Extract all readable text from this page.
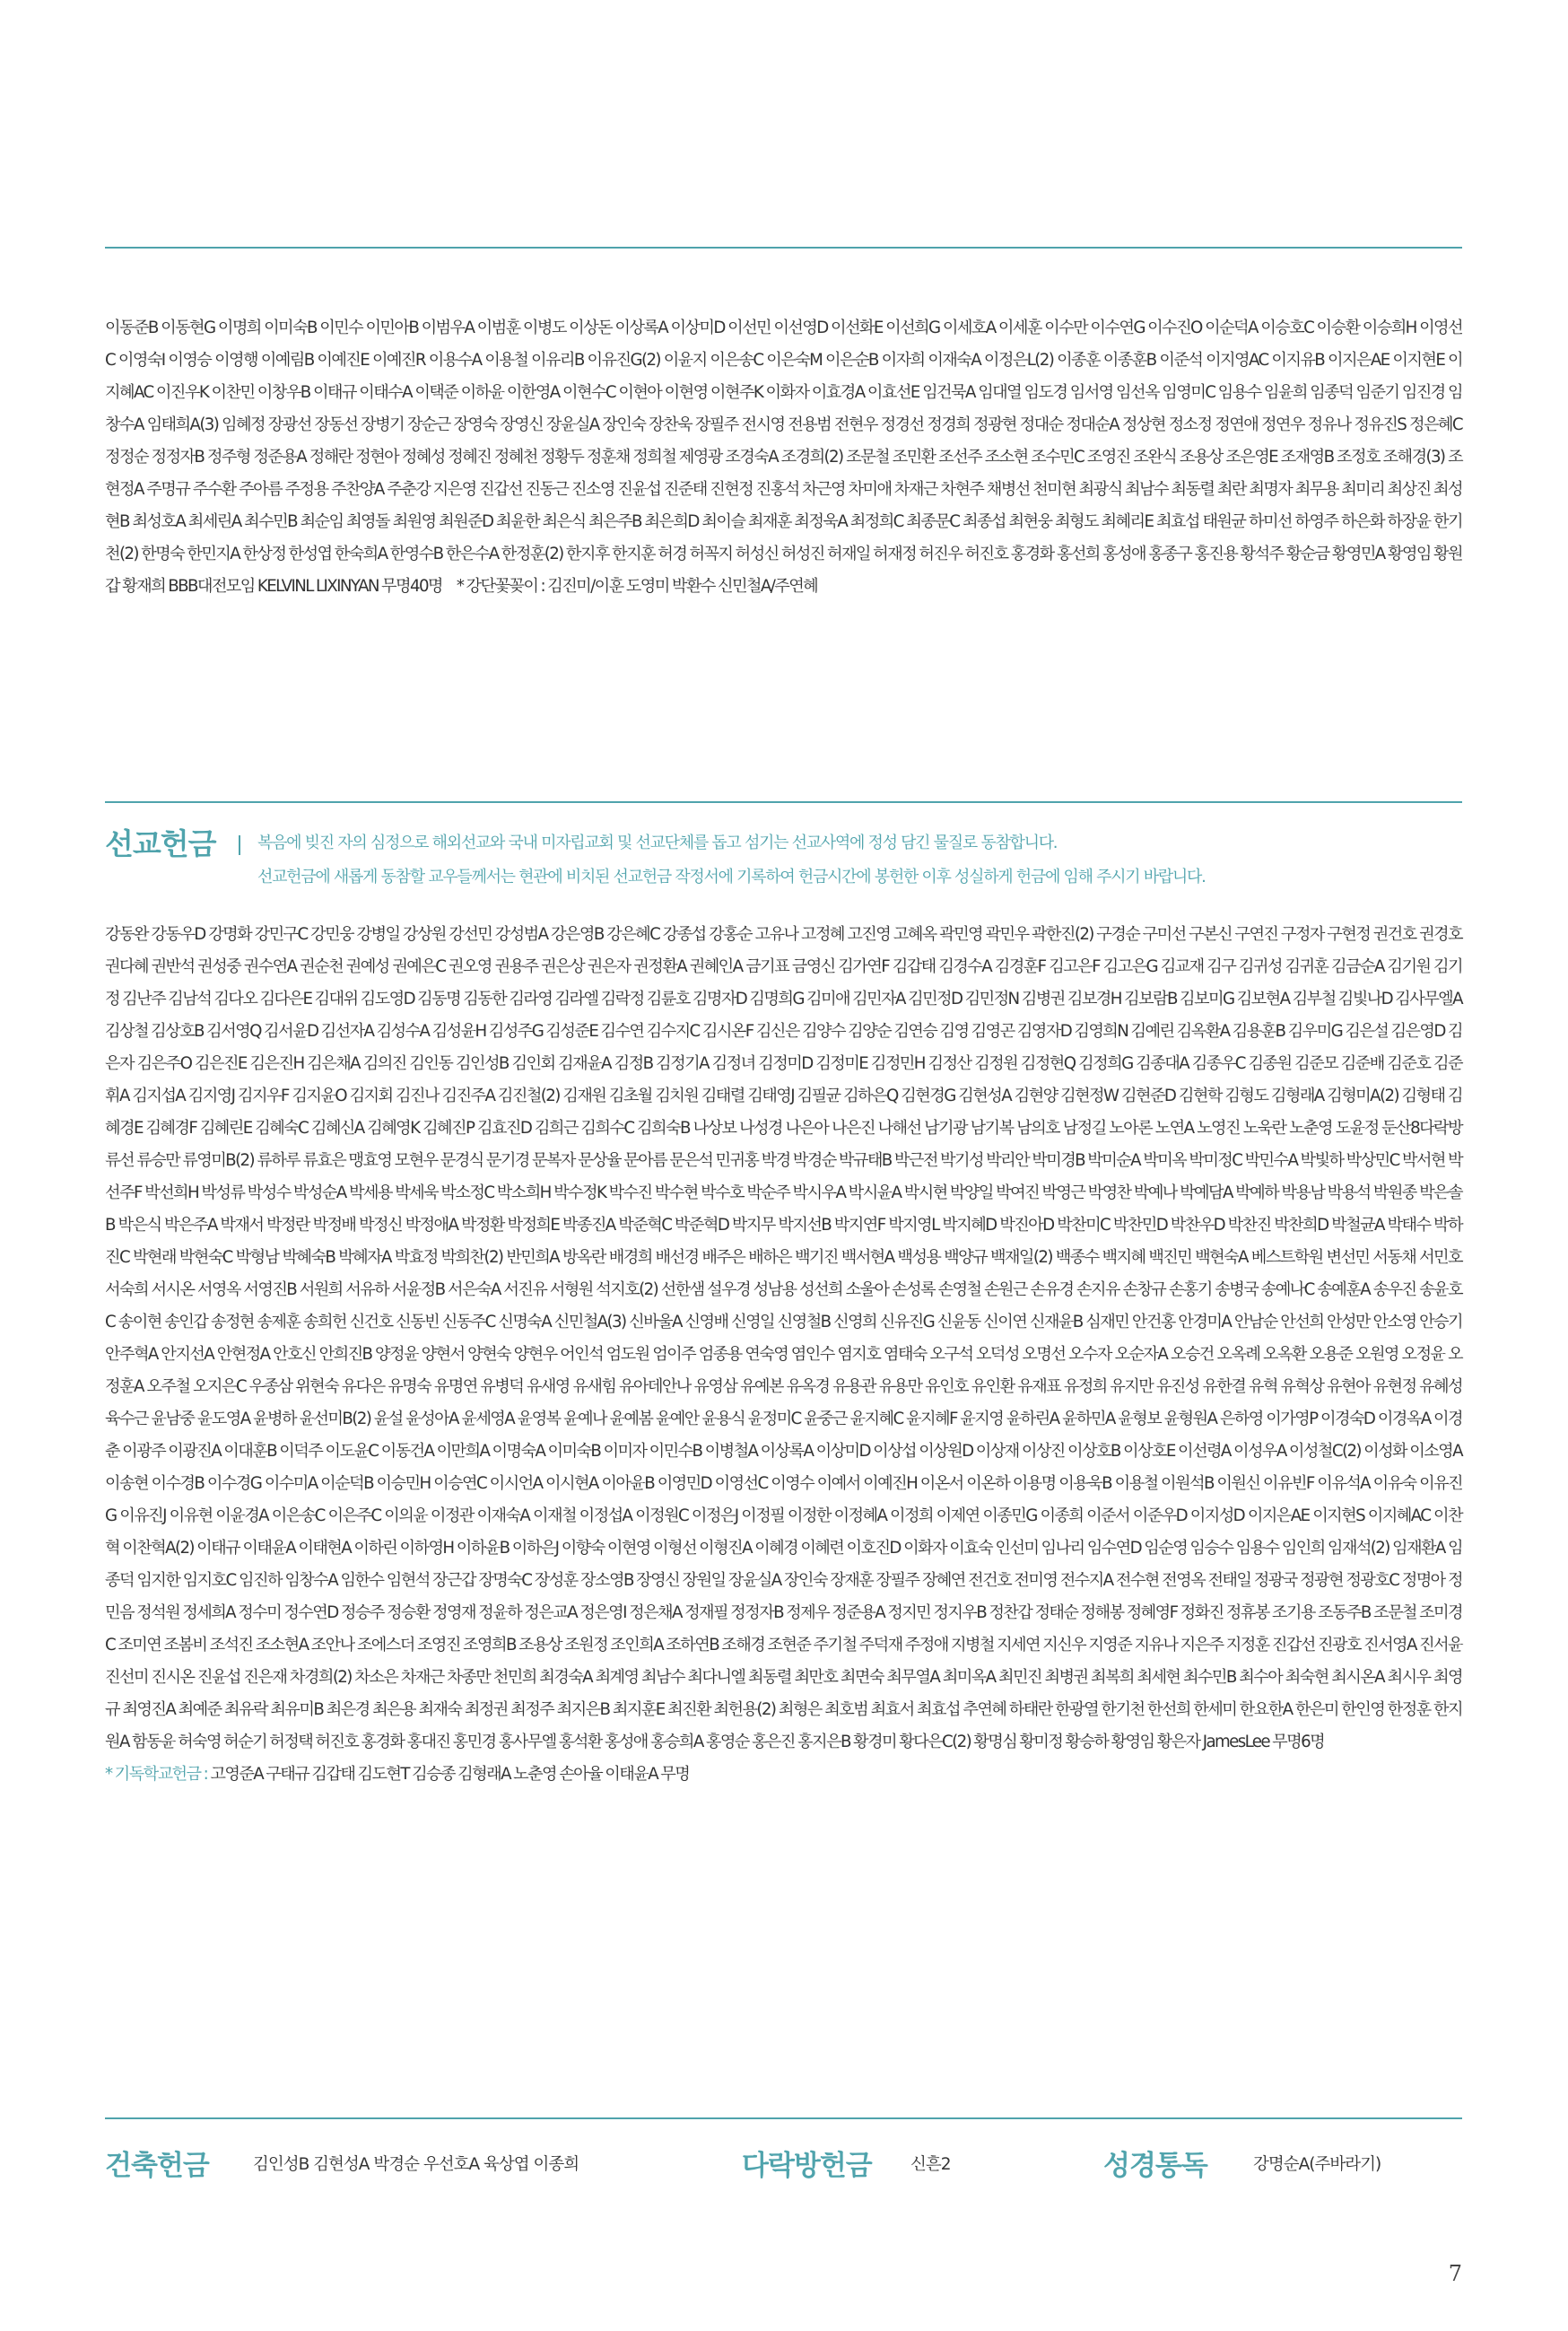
이동준B 이동현G 이명희 이미숙B 이민수 이민아B 이범우A 이범훈 이병도 이상돈 이상록A 이상미D 이선민 이선영D 이선화E 이선희G 이세호A 이세훈 이수만 이수연G 이수진O 이순덕A 이승호C 이승환 이승희H 이영선C 이영숙I 이영승 이영행 이예림B 이예진E 이예진R 이용수A 이용철 이유리B 이유진G(2) 이윤지 이은송C 이은숙M 이은순B 이자희 이재숙A 이정은L(2) 이종훈 이종훈B 이준석 이지영AC 이지유B 이지은AE 이지현E 이지혜AC 이진우K 이찬민 이창우B 이태규 이태수A 이택준 이하윤 이한영A 이현수C 이현아 이현영 이현주K 이화자 이효경A 이효선E 임건묵A 임대열 임도경 임서영 임선옥 임영미C 임용수 임윤희 임종덕 임준기 임진경 임창수A 임태희A(3) 임혜정 장광선 장동선 장병기 장순근 장영숙 장영신 장윤실A 장인숙 장찬욱 장필주 전시영 전용범 전현우 정경선 정경희 정광현 정대순 정대순A 정상현 정소정 정연애 정연우 정유나 정유진S 정은혜C 정정순 정정자B 정주형 정준용A 정해란 정현아 정혜성 정혜진 정혜천 정황두 정훈채 정희철 제영광 조경숙A 조경희(2) 조문철 조민환 조선주 조소현 조수민C 조영진 조완식 조용상 조은영E 조재영B 조정호 조해경(3) 조현정A 주명규 주수환 주아름 주정용 주찬양A 주춘강 지은영 진갑선 진동근 진소영 진윤섭 진준태 진현정 진홍석 차근영 차미애 차재근 차현주 채병선 천미현 최광식 최남수 최동렬 최란 최명자 최무용 최미리 최상진 최성현B 최성호A 최세린A 최수민B 최순임 최영돌 최원영 최원준D 최윤한 최은식 최은주B 최은희D 최이슬 최재훈 최정욱A 최정희C 최종문C 최종섭 최현웅 최형도 최혜리E 최효섭 태원균 하미선 하영주 하은화 하장윤 한기천(2) 한명숙 한민지A 한상정 한성엽 한숙희A 한영수B 한은수A 한정훈(2) 한지후 한지훈 허경 허꼭지 허성신 허성진 허재일 허재정 허진우 허진호 홍경화 홍선희 홍성애 홍종구 홍진용 황석주 황순금 황영민A 황영임 황원갑 황재희 BBB대전모임 KELVINL LIXINYAN 무명40명 * 강단꽃꽂이 : 김진미/이훈 도영미 박환수 신민철A/주연혜

선교헌금	복음에 빚진 자의 심정으로 해외선교와 국내 미자립교회 및 선교단체를 돕고 섬기는 선교사역에 정성 담긴 물질로 동참합니다.
선교헌금에 새롭게 동참할 교우들께서는 현관에 비치된 선교헌금 작정서에 기록하여 헌금시간에 봉헌한 이후 성실하게 헌금에 임해 주시기 바랍니다.

강동완 강동우D 강명화 강민구C 강민웅 강병일 강상원 강선민 강성범A 강은영B 강은혜C 강종섭 강홍순 고유나 고정혜 고진영 고혜옥 곽민영 곽민우 곽한진(2) 구경순 구미선 구본신 구연진 구정자 구현정 권건호 권경호 권다혜 권반석 권성중 권수연A 권순천 권예성 권예은C 권오영 권용주 권은상 권은자 권정환A 권혜인A 금기표 금영신 김가연F 김갑태 김경수A 김경훈F 김고은F 김고은G 김교재 김구 김귀성 김귀훈 김금순A 김기원 김기정 김난주 김남석 김다오 김다은E 김대위 김도영D 김동명 김동한 김라영 김라엘 김락정 김륜호 김명자D 김명희G 김미애 김민자A 김민정D 김민정N 김병권 김보경H 김보람B 김보미G 김보현A 김부철 김빛나D 김사무엘A 김상철 김상호B 김서영Q 김서윤D 김선자A 김성수A 김성윤H 김성주G 김성준E 김수연 김수지C 김시온F 김신은 김양수 김양순 김연승 김영 김영곤 김영자D 김영희N 김예린 김옥환A 김용훈B 김우미G 김은설 김은영D 김은자 김은주O 김은진E 김은진H 김은채A 김의진 김인동 김인성B 김인회 김재윤A 김정B 김정기A 김정녀 김정미D 김정미E 김정민H 김정산 김정원 김정현Q 김정희G 김종대A 김종우C 김종원 김준모 김준배 김준호 김준휘A 김지섭A 김지영J 김지우F 김지윤O 김지회 김진나 김진주A 김진철(2) 김재원 김초월 김치원 김태렬 김태영J 김필균 김하은Q 김현경G 김현성A 김현양 김현정W 김현준D 김현학 김형도 김형래A 김형미A(2) 김형태 김혜경E 김혜경F 김혜린E 김혜숙C 김혜신A 김혜영K 김혜진P 김효진D 김희근 김희수C 김희숙B 나상보 나성경 나은아 나은진 나해선 남기광 남기복 남의호 남정길 노아론 노연A 노영진 노욱란 노춘영 도윤정 둔산8다락방 류선 류승만 류영미B(2) 류하루 류효은 맹효영 모현우 문경식 문기경 문복자 문상율 문아름 문은석 민귀홍 박경 박경순 박규태B 박근전 박기성 박리안 박미경B 박미순A 박미옥 박미정C 박민수A 박빛하 박상민C 박서현 박선주F 박선희H 박성류 박성수 박성순A 박세용 박세욱 박소정C 박소희H 박수정K 박수진 박수현 박수호 박순주 박시우A 박시윤A 박시현 박양일 박여진 박영근 박영찬 박예나 박예담A 박예하 박용남 박용석 박원종 박은솔B 박은식 박은주A 박재서 박정란 박정배 박정신 박정애A 박정환 박정희E 박종진A 박준혁C 박준혁D 박지무 박지선B 박지연F 박지영L 박지혜D 박진아D 박찬미C 박찬민D 박찬우D 박찬진 박찬희D 박철균A 박태수 박하진C 박현래 박현숙C 박형남 박혜숙B 박혜자A 박효정 박희찬(2) 반민희A 방옥란 배경희 배선경 배주은 배하은 백기진 백서현A 백성용 백양규 백재일(2) 백종수 백지혜 백진민 백현숙A 베스트학원 변선민 서동채 서민호 서숙희 서시온 서영옥 서영진B 서원희 서유하 서윤정B 서은숙A 서진유 서형원 석지호(2) 선한샘 설우경 성남용 성선희 소울아 손성록 손영철 손원근 손유경 손지유 손창규 손홍기 송병국 송예나C 송예훈A 송우진 송윤호C 송이현 송인갑 송정현 송제훈 송희헌 신건호 신동빈 신동주C 신명숙A 신민철A(3) 신바울A 신영배 신영일 신영철B 신영희 신유진G 신윤동 신이연 신재윤B 심재민 안건홍 안경미A 안남순 안선희 안성만 안소영 안승기 안주혁A 안지선A 안현정A 안호신 안희진B 양정윤 양현서 양현숙 양현우 어인석 엄도원 엄이주 엄종용 연숙영 염인수 염지호 염태숙 오구석 오덕성 오명선 오수자 오순자A 오승건 오옥례 오옥환 오용준 오원영 오정윤 오정훈A 오주철 오지은C 우종삼 위현숙 유다은 유명숙 유명연 유병덕 유새영 유새힘 유아데안나 유영삼 유예본 유옥경 유용관 유용만 유인호 유인환 유재표 유정희 유지만 유진성 유한결 유혁 유혁상 유현아 유현정 유혜성 육수근 윤남중 윤도영A 윤병하 윤선미B(2) 윤설 윤성아A 윤세영A 윤영복 윤예나 윤예봄 윤예안 윤용식 윤정미C 윤중근 윤지혜C 윤지혜F 윤지영 윤하린A 윤하민A 윤형보 윤형원A 은하영 이가영P 이경숙D 이경옥A 이경춘 이광주 이광진A 이대훈B 이덕주 이도윤C 이동건A 이만희A 이명숙A 이미숙B 이미자 이민수B 이병철A 이상록A 이상미D 이상섭 이상원D 이상재 이상진 이상호B 이상호E 이선령A 이성우A 이성철C(2) 이성화 이소영A 이송현 이수경B 이수경G 이수미A 이순덕B 이승민H 이승연C 이시언A 이시현A 이아윤B 이영민D 이영선C 이영수 이예서 이예진H 이온서 이온하 이용명 이용욱B 이용철 이원석B 이원신 이유빈F 이유석A 이유숙 이유진G 이유진J 이유현 이윤경A 이은송C 이은주C 이의윤 이정관 이재숙A 이재철 이정섭A 이정원C 이정은J 이정필 이정한 이정혜A 이정희 이제연 이종민G 이종희 이준서 이준우D 이지성D 이지은AE 이지현S 이지혜AC 이찬혁 이찬혁A(2) 이태규 이태윤A 이태현A 이하린 이하영H 이하윤B 이하은J 이향숙 이현영 이형선 이형진A 이혜경 이혜련 이호진D 이화자 이효숙 인선미 임나리 임수연D 임순영 임승수 임용수 임인희 임재석(2) 임재환A 임종덕 임지한 임지호C 임진하 임창수A 임한수 임현석 장근갑 장명숙C 장성훈 장소영B 장영신 장원일 장윤실A 장인숙 장재훈 장필주 장혜연 전건호 전미영 전수지A 전수현 전영옥 전태일 정광국 정광현 정광호C 정명아 정민음 정석원 정세희A 정수미 정수연D 정승주 정승환 정영재 정윤하 정은교A 정은영I 정은채A 정재필 정정자B 정제우 정준용A 정지민 정지우B 정찬갑 정태순 정해봉 정혜영F 정화진 정휴봉 조기용 조동주B 조문철 조미경C 조미연 조봄비 조석진 조소현A 조안나 조에스더 조영진 조영희B 조용상 조원정 조인희A 조하연B 조해경 조현준 주기철 주덕재 주정애 지병철 지세연 지신우 지영준 지유나 지은주 지정훈 진갑선 진광호 진서영A 진서윤 진선미 진시온 진윤섭 진은재 차경희(2) 차소은 차재근 차종만 천민희 최경숙A 최계영 최남수 최다니엘 최동렬 최만호 최면숙 최무열A 최미옥A 최민진 최병권 최복희 최세현 최수민B 최수아 최숙현 최시온A 최시우 최영규 최영진A 최예준 최유락 최유미B 최은경 최은용 최재숙 최정권 최정주 최지은B 최지훈E 최진환 최헌용(2) 최형은 최호범 최효서 최효섭 추연혜 하태란 한광열 한기천 한선희 한세미 한요한A 한은미 한인영 한정훈 한지원A 함동윤 허숙영 허순기 허정택 허진호 홍경화 홍대진 홍민경 홍사무엘 홍석환 홍성애 홍승희A 홍영순 홍은진 홍지은B 황경미 황다은C(2) 황명심 황미정 황승하 황영임 황은자 JamesLee 무명6명
* 기독학교헌금 : 고영준A 구태규 김갑태 김도현T 김승종 김형래A 노춘영 손아율 이태윤A 무명

건축헌금	김인성B 김현성A 박경순 우선호A 육상엽 이종희	다락방헌금 신흔2	성경통독	강명순A(주바라기)
7
